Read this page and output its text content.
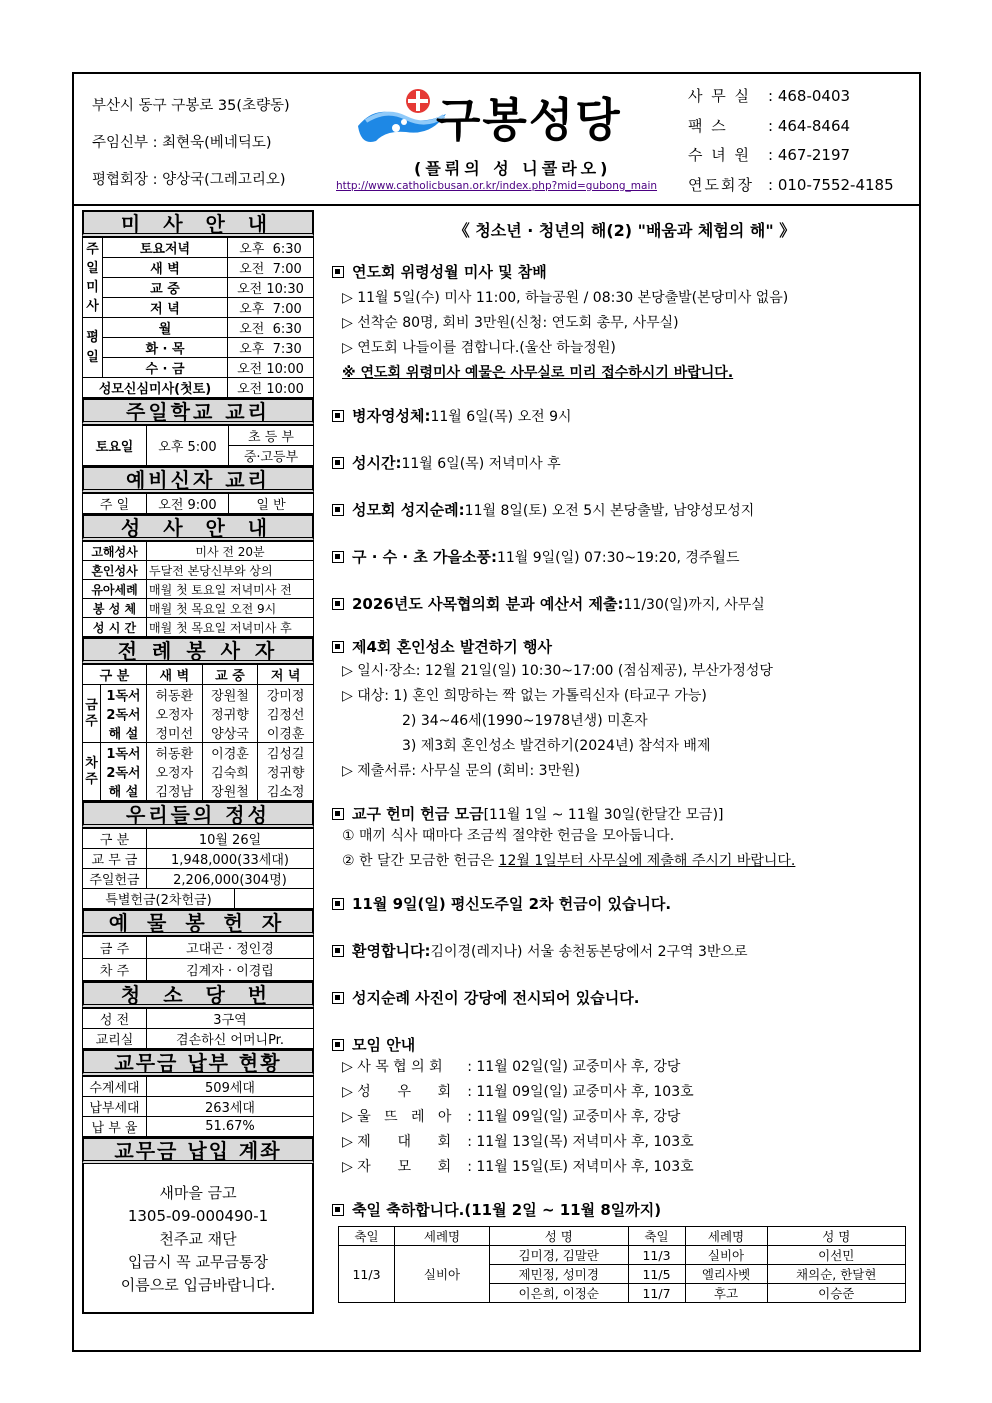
부산시 동구 구봉로 35(초량동)
주임신부 : 최현욱(베네딕도)
평협회장 : 양상국(그레고리오)
구봉성당
(플뤼의 성 니콜라오)
http://www.catholicbusan.or.kr/index.php?mid=gubong_main
사 무 실	: 468-0403
팩 스	: 464-8464
수 녀 원	: 467-2197
연도회장 : 010-7552-4185
미 사 안 내
주
일
미
사	토요저녁	오후 6:30
	새 벽	오전 7:00
	교 중	오전 10:30
	저 녁	오후 7:00
평
일	월	오전 6:30
	화 · 목	오후 7:30
	수 · 금	오전 10:00
성모신심미사(첫토)		오전 10:00
주일학교 교리
토요일	오후 5:00	초 등 부
중·고등부
예비신자 교리
주 일	오전 9:00	일 반
성 사 안 내
고해성사	미사 전 20분
혼인성사	두달전 본당신부와 상의
유아세례	매월 첫 토요일 저녁미사 전
봉 성 체	매월 첫 목요일 오전 9시
성 시 간	매월 첫 목요일 저녁미사 후
전 례 봉 사 자
구 분		새 벽	교 중	저 녁
금
주	1독서	허동환	장원철	강미정
	2독서	오정자	정귀향	김정선
	해 설	정미선	양상국	이경훈
차
주	1독서	허동환	이경훈	김성길
	2독서	오정자	김숙희	정귀향
	해 설	김정남	장원철	김소정
우리들의 정성
구 분	10월 26일
교 무 금	1,948,000(33세대)
주일헌금	2,206,000(304명)
특별헌금(2차헌금)	
예 물 봉 헌 자
금 주	고대곤 · 정인경
차 주	김계자 · 이경립
청 소 당 번
성 전	3구역
교리실	겸손하신 어머니Pr.
교무금 납부 현황
수계세대	509세대
납부세대	263세대
납 부 율	51.67%
교무금 납입 계좌
새마을 금고
1305-09-000490-1
천주교 재단
입금시 꼭 교무금통장
이름으로 입금바랍니다.
《 청소년 · 청년의 해(2) "배움과 체험의 해" 》
연도회 위령성월 미사 및 참배
▷ 11월 5일(수) 미사 11:00, 하늘공원 / 08:30 본당출발(본당미사 없음)
▷ 선착순 80명, 회비 3만원(신청: 연도회 총무, 사무실)
▷ 연도회 나들이를 겸합니다.(울산 하늘정원)
※ 연도회 위령미사 예물은 사무실로 미리 접수하시기 바랍니다.
병자영성체: 11월 6일(목) 오전 9시
성시간: 11월 6일(목) 저녁미사 후
성모회 성지순례: 11월 8일(토) 오전 5시 본당출발, 남양성모성지
구 · 수 · 초 가을소풍: 11월 9일(일) 07:30~19:20, 경주월드
2026년도 사목협의회 분과 예산서 제출: 11/30(일)까지, 사무실
제4회 혼인성소 발견하기 행사
▷ 일시·장소: 12월 21일(일) 10:30~17:00 (점심제공), 부산가정성당
▷ 대상: 1) 혼인 희망하는 짝 없는 가톨릭신자 (타교구 가능)
2) 34~46세(1990~1978년생) 미혼자
3) 제3회 혼인성소 발견하기(2024년) 참석자 배제
▷ 제출서류: 사무실 문의 (회비: 3만원)
교구 헌미 헌금 모금 [11월 1일 ~ 11월 30일(한달간 모금)]
① 매끼 식사 때마다 조금씩 절약한 헌금을 모아둡니다.
② 한 달간 모금한 헌금은 12월 1일부터 사무실에 제출해 주시기 바랍니다.
11월 9일(일) 평신도주일 2차 헌금이 있습니다.
환영합니다: 김이경(레지나) 서울 송천동본당에서 2구역 3반으로
성지순례 사진이 강당에 전시되어 있습니다.
모임 안내
▷ 사 목 협 의 회 : 11월 02일(일) 교중미사 후, 강당
▷ 성      우      회 : 11월 09일(일) 교중미사 후, 103호
▷ 울   뜨   레   아 : 11월 09일(일) 교중미사 후, 강당
▷ 제      대      회 : 11월 13일(목) 저녁미사 후, 103호
▷ 자      모      회 : 11월 15일(토) 저녁미사 후, 103호
축일 축하합니다.(11월 2일 ~ 11월 8일까지)
축일	세례명	성 명	축일	세례명	성 명
11/3	실비아	김미경, 김말란	11/3	실비아	이선민
		제민정, 성미경	11/5	엘리사벳	채의순, 한달현
		이은희, 이정순	11/7	후고	이승준
